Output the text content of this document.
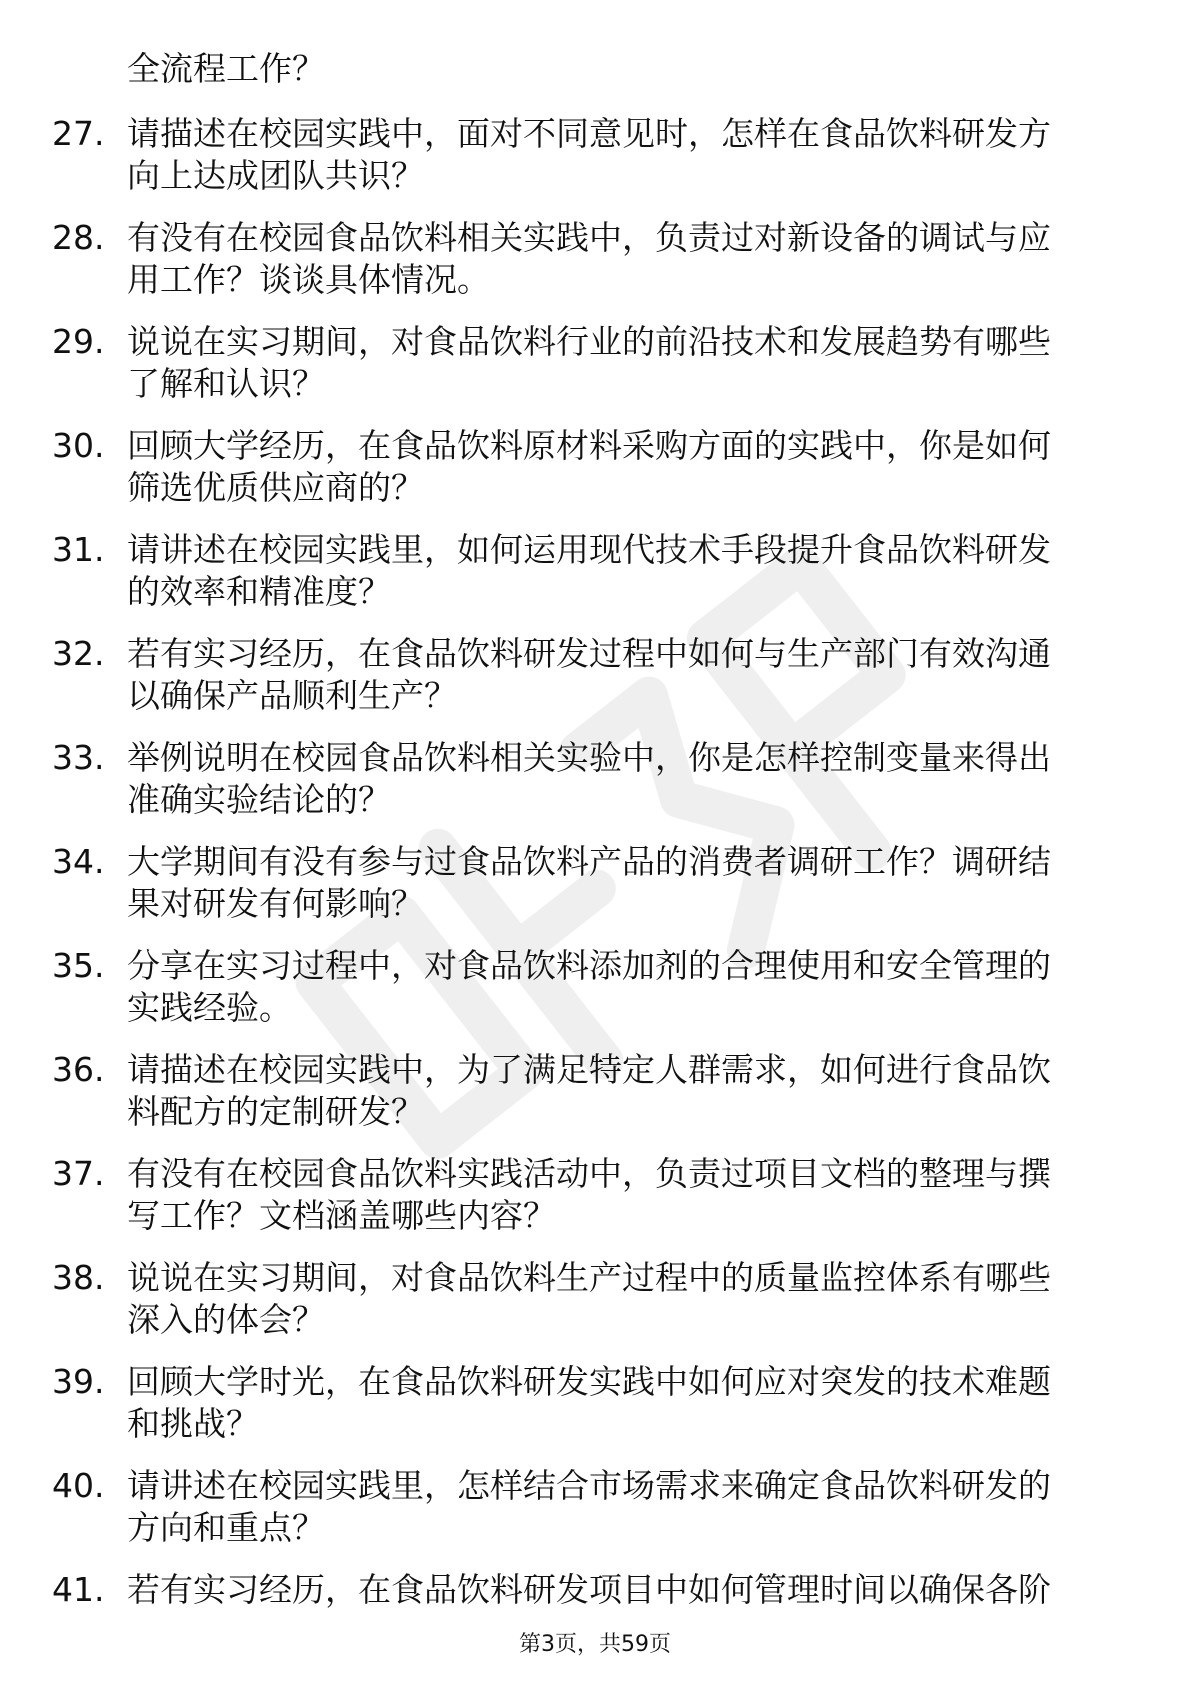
全流程工作？
27. 请描述在校园实践中，面对不同意见时，怎样在食品饮料研发方
向上达成团队共识？
28. 有没有在校园食品饮料相关实践中，负责过对新设备的调试与应
用工作？谈谈具体情况。
29. 说说在实习期间，对食品饮料行业的前沿技术和发展趋势有哪些
了解和认识？
30. 回顾大学经历，在食品饮料原材料采购方面的实践中，你是如何
筛选优质供应商的？
31. 请讲述在校园实践里，如何运用现代技术手段提升食品饮料研发
的效率和精准度？
32. 若有实习经历，在食品饮料研发过程中如何与生产部门有效沟通
以确保产品顺利生产？
33. 举例说明在校园食品饮料相关实验中，你是怎样控制变量来得出
准确实验结论的？
34. 大学期间有没有参与过食品饮料产品的消费者调研工作？调研结
果对研发有何影响？
35. 分享在实习过程中，对食品饮料添加剂的合理使用和安全管理的
实践经验。
36. 请描述在校园实践中，为了满足特定人群需求，如何进行食品饮
料配方的定制研发？
37. 有没有在校园食品饮料实践活动中，负责过项目文档的整理与撰
写工作？文档涵盖哪些内容？
38. 说说在实习期间，对食品饮料生产过程中的质量监控体系有哪些
深入的体会？
39. 回顾大学时光，在食品饮料研发实践中如何应对突发的技术难题
和挑战？
40. 请讲述在校园实践里，怎样结合市场需求来确定食品饮料研发的
方向和重点？
41. 若有实习经历，在食品饮料研发项目中如何管理时间以确保各阶
第3页，共59页
